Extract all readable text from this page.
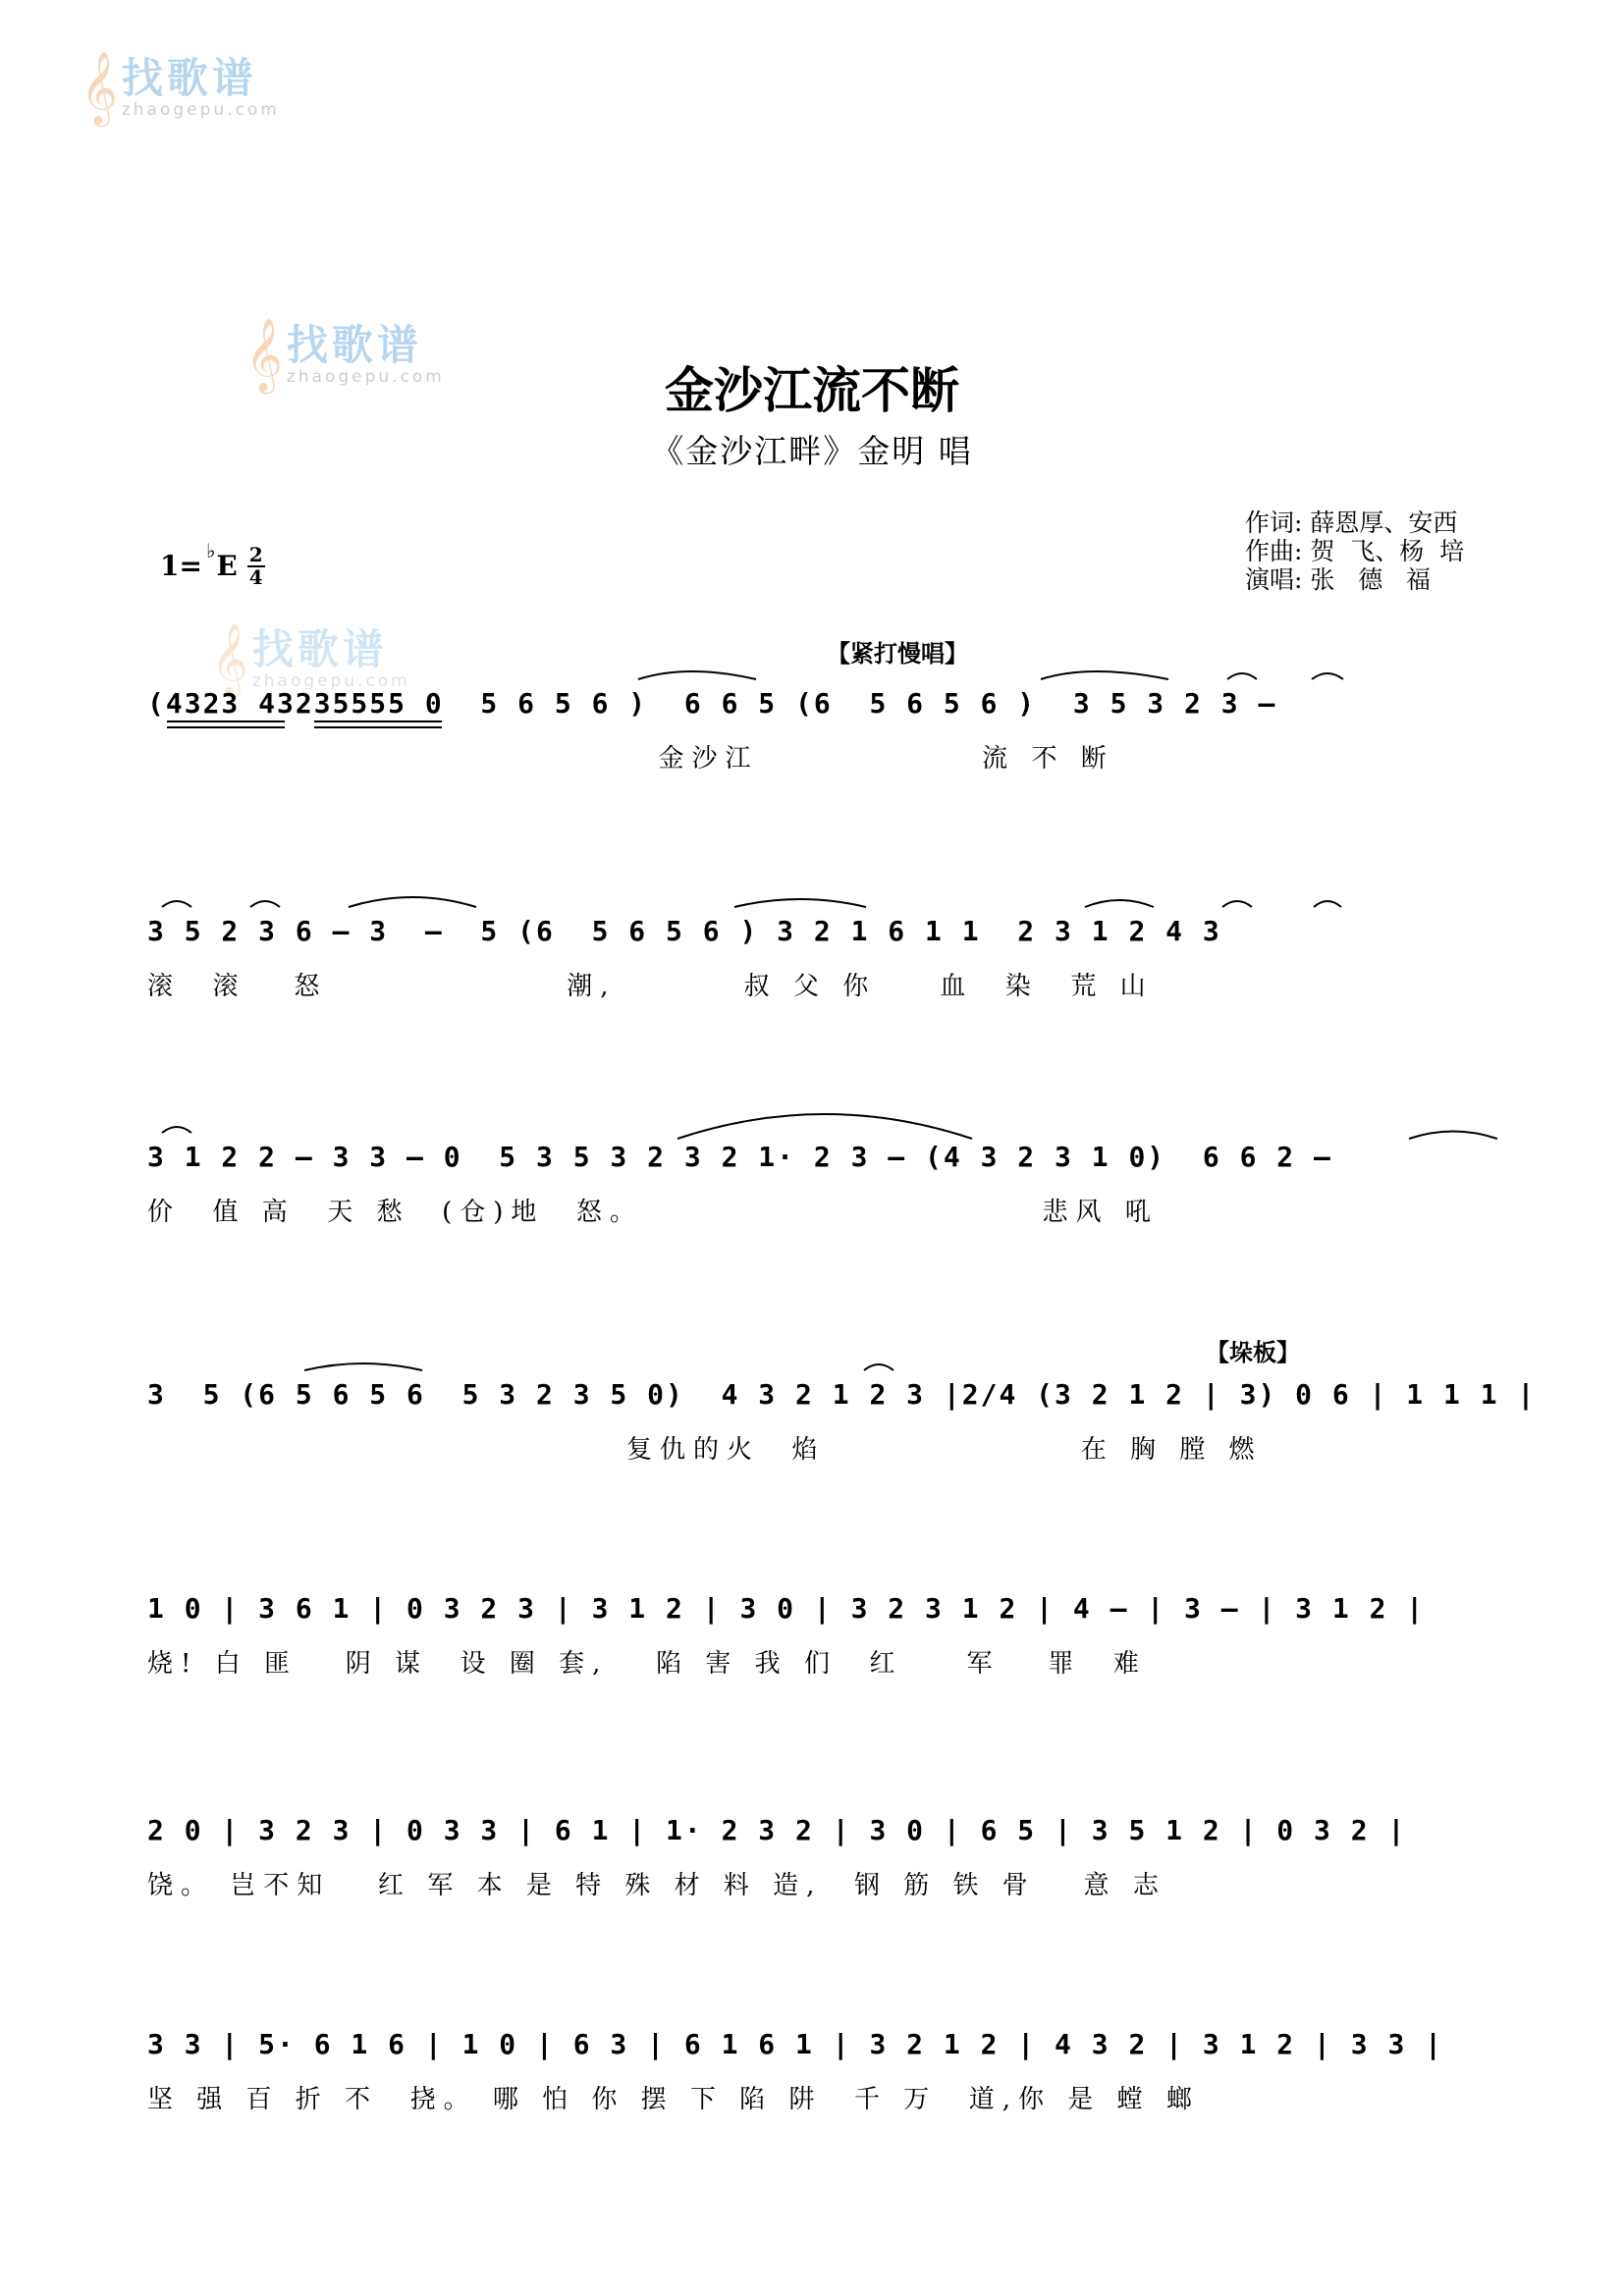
𝄞 找歌谱
zhaogepu.com
𝄞 找歌谱
zhaogepu.com
𝄞 找歌谱
zhaogepu.com
金沙江流不断
《金沙江畔》金明 唱
1= ♭ E 2
4
作词: 薛恩厚、安西
作曲: 贺  飞、杨  培
演唱: 张   德   福
【紧打慢唱】
【垛板】
(4323 43235555 0  5 6 5 6 )  6 6 5 (6  5 6 5 6 )  3 5 3 2 3 —
金沙江              流 不 断
3 5 2 3 6 — 3  —  5 (6  5 6 5 6 ) 3 2 1 6 1 1  2 3 1 2 4 3
滚  滚   怒               潮,        叔 父 你    血  染  荒 山
3 1 2 2 — 3 3 — 0  5 3 5 3 2 3 2 1· 2 3 — (4 3 2 3 1 0)  6 6 2 —
价  值 高  天 愁  (仓)地  怒。                         悲风 吼
3  5 (6 5 6 5 6  5 3 2 3 5 0)  4 3 2 1 2 3 |2/4 (3 2 1 2 | 3) 0 6 | 1 1 1 |
复仇的火  焰                在 胸 膛 燃
1 0 | 3 6 1 | 0 3 2 3 | 3 1 2 | 3 0 | 3 2 3 1 2 | 4 — | 3 — | 3 1 2 |
烧! 白 匪   阴 谋  设 圈 套,   陷 害 我 们  红    军   罪  难
2 0 | 3 2 3 | 0 3 3 | 6 1 | 1· 2 3 2 | 3 0 | 6 5 | 3 5 1 2 | 0 3 2 |
饶。 岂不知   红 军 本 是 特 殊 材 料 造,  钢 筋 铁 骨   意 志
3 3 | 5· 6 1 6 | 1 0 | 6 3 | 6 1 6 1 | 3 2 1 2 | 4 3 2 | 3 1 2 | 3 3 |
坚 强 百 折 不  挠。 哪 怕 你 摆 下 陷 阱  千 万  道,你 是 螳 螂
